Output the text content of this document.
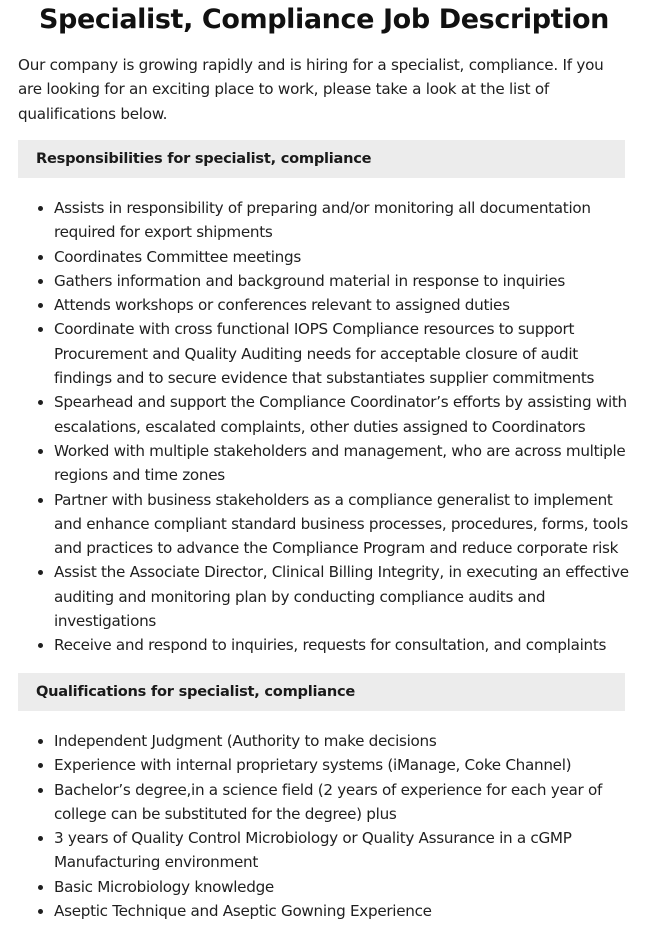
Specialist, Compliance Job Description

Our company is growing rapidly and is hiring for a specialist, compliance. If you are looking for an exciting place to work, please take a look at the list of qualifications below.

Responsibilities for specialist, compliance
Assists in responsibility of preparing and/or monitoring all documentation required for export shipments
Coordinates Committee meetings
Gathers information and background material in response to inquiries
Attends workshops or conferences relevant to assigned duties
Coordinate with cross functional IOPS Compliance resources to support Procurement and Quality Auditing needs for acceptable closure of audit findings and to secure evidence that substantiates supplier commitments
Spearhead and support the Compliance Coordinator’s efforts by assisting with escalations, escalated complaints, other duties assigned to Coordinators
Worked with multiple stakeholders and management, who are across multiple regions and time zones
Partner with business stakeholders as a compliance generalist to implement and enhance compliant standard business processes, procedures, forms, tools and practices to advance the Compliance Program and reduce corporate risk
Assist the Associate Director, Clinical Billing Integrity, in executing an effective auditing and monitoring plan by conducting compliance audits and investigations
Receive and respond to inquiries, requests for consultation, and complaints
Qualifications for specialist, compliance
Independent Judgment (Authority to make decisions
Experience with internal proprietary systems (iManage, Coke Channel)
Bachelor’s degree,in a science field (2 years of experience for each year of college can be substituted for the degree) plus
3 years of Quality Control Microbiology or Quality Assurance in a cGMP Manufacturing environment
Basic Microbiology knowledge
Aseptic Technique and Aseptic Gowning Experience
